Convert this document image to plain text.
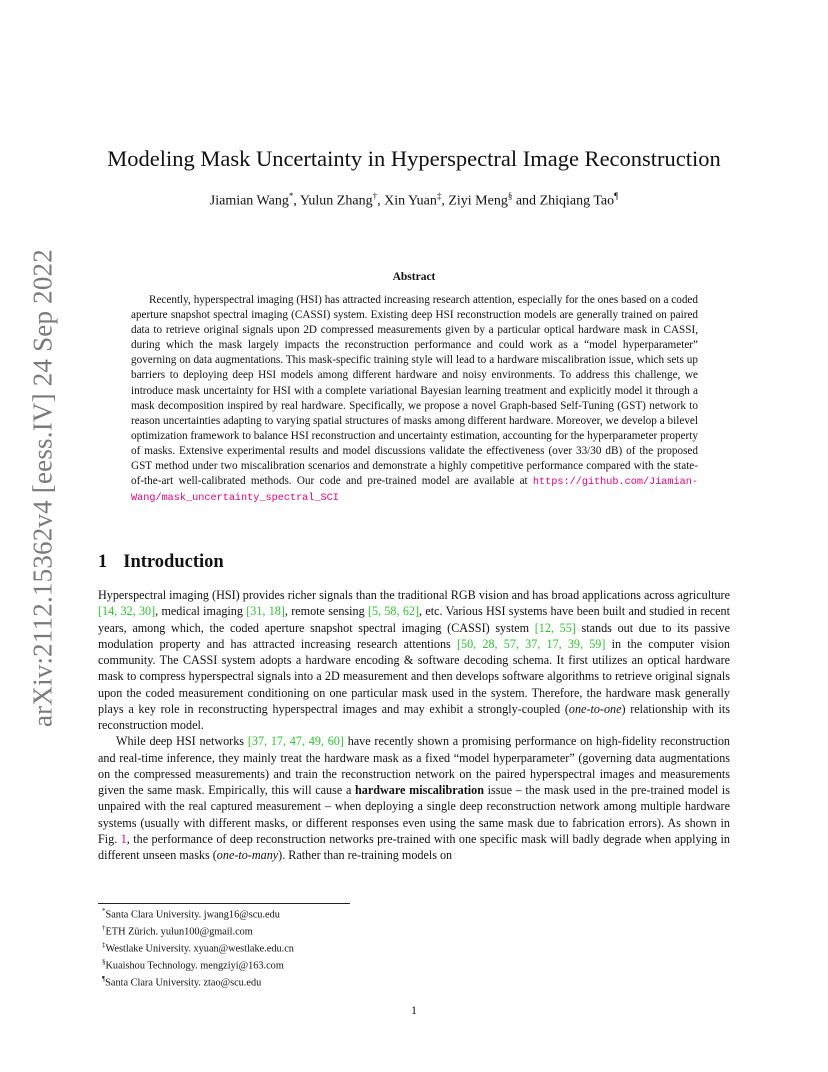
arXiv:2112.15362v4 [eess.IV] 24 Sep 2022
Modeling Mask Uncertainty in Hyperspectral Image Reconstruction
Jiamian Wang*, Yulun Zhang†, Xin Yuan‡, Ziyi Meng§ and Zhiqiang Tao¶
Abstract

Recently, hyperspectral imaging (HSI) has attracted increasing research attention, especially for the ones based on a coded aperture snapshot spectral imaging (CASSI) system. Existing deep HSI reconstruction models are generally trained on paired data to retrieve original signals upon 2D compressed measurements given by a particular optical hardware mask in CASSI, during which the mask largely impacts the reconstruction performance and could work as a “model hyperparameter” governing on data augmentations. This mask-specific training style will lead to a hardware miscalibration issue, which sets up barriers to deploying deep HSI models among different hardware and noisy environments. To address this challenge, we introduce mask uncertainty for HSI with a complete variational Bayesian learning treatment and explicitly model it through a mask decomposition inspired by real hardware. Specifically, we propose a novel Graph-based Self-Tuning (GST) network to reason uncertainties adapting to varying spatial structures of masks among different hardware. Moreover, we develop a bilevel optimization framework to balance HSI reconstruction and uncertainty estimation, accounting for the hyperparameter property of masks. Extensive experimental results and model discussions validate the effectiveness (over 33/30 dB) of the proposed GST method under two miscalibration scenarios and demonstrate a highly competitive performance compared with the state-of-the-art well-calibrated methods. Our code and pre-trained model are available at https://github.com/Jiamian-Wang/mask_uncertainty_spectral_SCI

1 Introduction

Hyperspectral imaging (HSI) provides richer signals than the traditional RGB vision and has broad applications across agriculture [14, 32, 30], medical imaging [31, 18], remote sensing [5, 58, 62], etc. Various HSI systems have been built and studied in recent years, among which, the coded aperture snapshot spectral imaging (CASSI) system [12, 55] stands out due to its passive modulation property and has attracted increasing research attentions [50, 28, 57, 37, 17, 39, 59] in the computer vision community. The CASSI system adopts a hardware encoding & software decoding schema. It first utilizes an optical hardware mask to compress hyperspectral signals into a 2D measurement and then develops software algorithms to retrieve original signals upon the coded measurement conditioning on one particular mask used in the system. Therefore, the hardware mask generally plays a key role in reconstructing hyperspectral images and may exhibit a strongly-coupled (one-to-one) relationship with its reconstruction model.

While deep HSI networks [37, 17, 47, 49, 60] have recently shown a promising performance on high-fidelity reconstruction and real-time inference, they mainly treat the hardware mask as a fixed “model hyperparameter” (governing data augmentations on the compressed measurements) and train the reconstruction network on the paired hyperspectral images and measurements given the same mask. Empirically, this will cause a hardware miscalibration issue – the mask used in the pre-trained model is unpaired with the real captured measurement – when deploying a single deep reconstruction network among multiple hardware systems (usually with different masks, or different responses even using the same mask due to fabrication errors). As shown in Fig. 1, the performance of deep reconstruction networks pre-trained with one specific mask will badly degrade when applying in different unseen masks (one-to-many). Rather than re-training models on

*Santa Clara University. jwang16@scu.edu
†ETH Zürich. yulun100@gmail.com
‡Westlake University. xyuan@westlake.edu.cn
§Kuaishou Technology. mengziyi@163.com
¶Santa Clara University. ztao@scu.edu
1
